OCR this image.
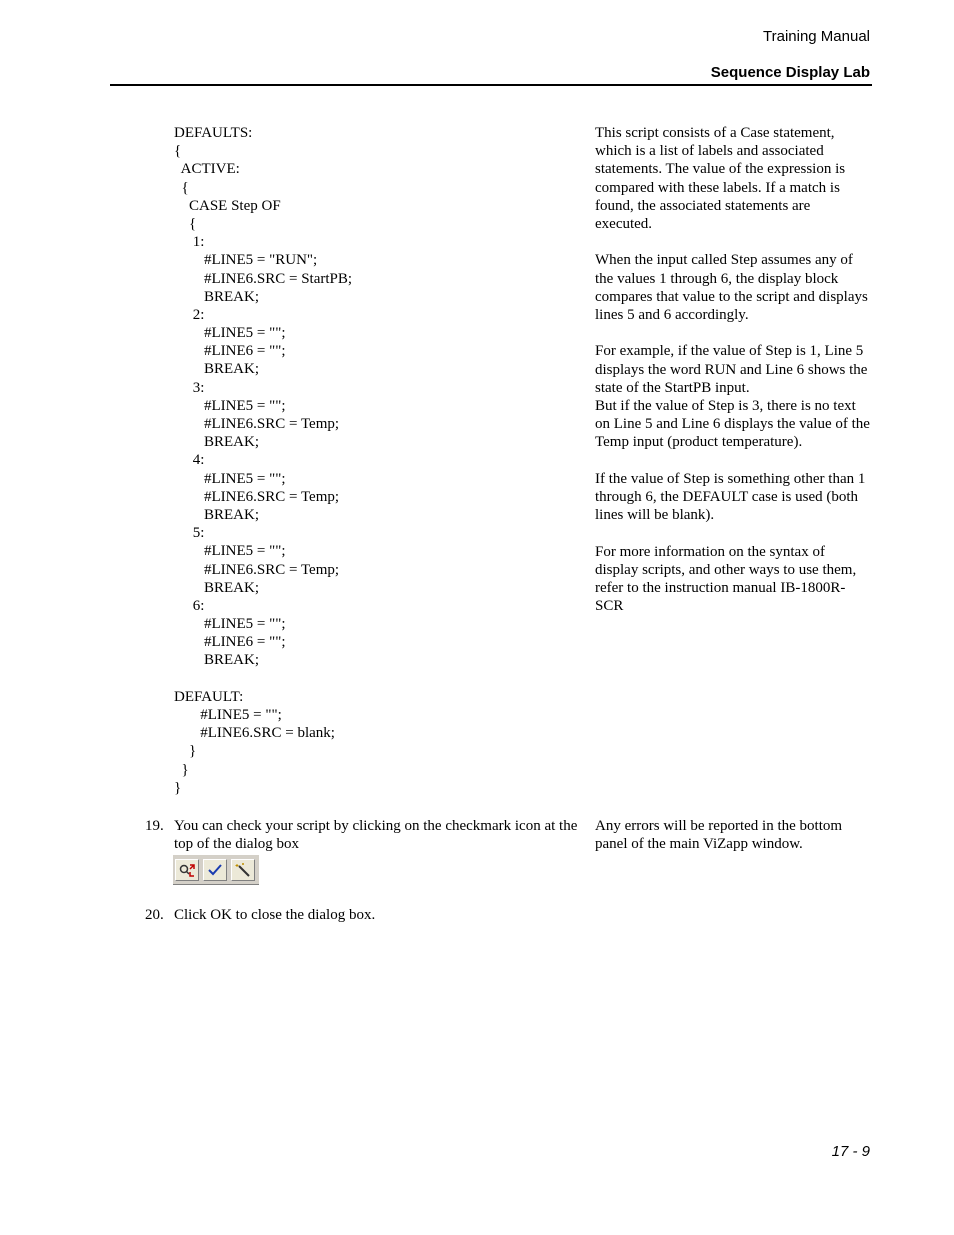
Training Manual
Sequence Display Lab
DEFAULTS:
{
ACTIVE:
{
CASE Step OF
{
1:
#LINE5 = "RUN";
#LINE6.SRC = StartPB;
BREAK;
2:
#LINE5 = "";
#LINE6 = "";
BREAK;
3:
#LINE5 = "";
#LINE6.SRC = Temp;
BREAK;
4:
#LINE5 = "";
#LINE6.SRC = Temp;
BREAK;
5:
#LINE5 = "";
#LINE6.SRC = Temp;
BREAK;
6:
#LINE5 = "";
#LINE6 = "";
BREAK;
DEFAULT:
#LINE5 = "";
#LINE6.SRC = blank;
}
}
}

This script consists of a Case statement, which is a list of labels and associated statements. The value of the expression is compared with these labels. If a match is found, the associated statements are executed.

When the input called Step assumes any of the values 1 through 6, the display block compares that value to the script and displays lines 5 and 6 accordingly.

For example, if the value of Step is 1, Line 5 displays the word RUN and Line 6 shows the state of the StartPB input.

But if the value of Step is 3, there is no text on Line 5 and Line 6 displays the value of the Temp input (product temperature).

If the value of Step is something other than 1 through 6, the DEFAULT case is used (both lines will be blank).

For more information on the syntax of display scripts, and other ways to use them, refer to the instruction manual IB-1800R-SCR

19. You can check your script by clicking on the checkmark icon at the top of the dialog box
Any errors will be reported in the bottom panel of the main ViZapp window.
20. Click OK to close the dialog box.
17 - 9
